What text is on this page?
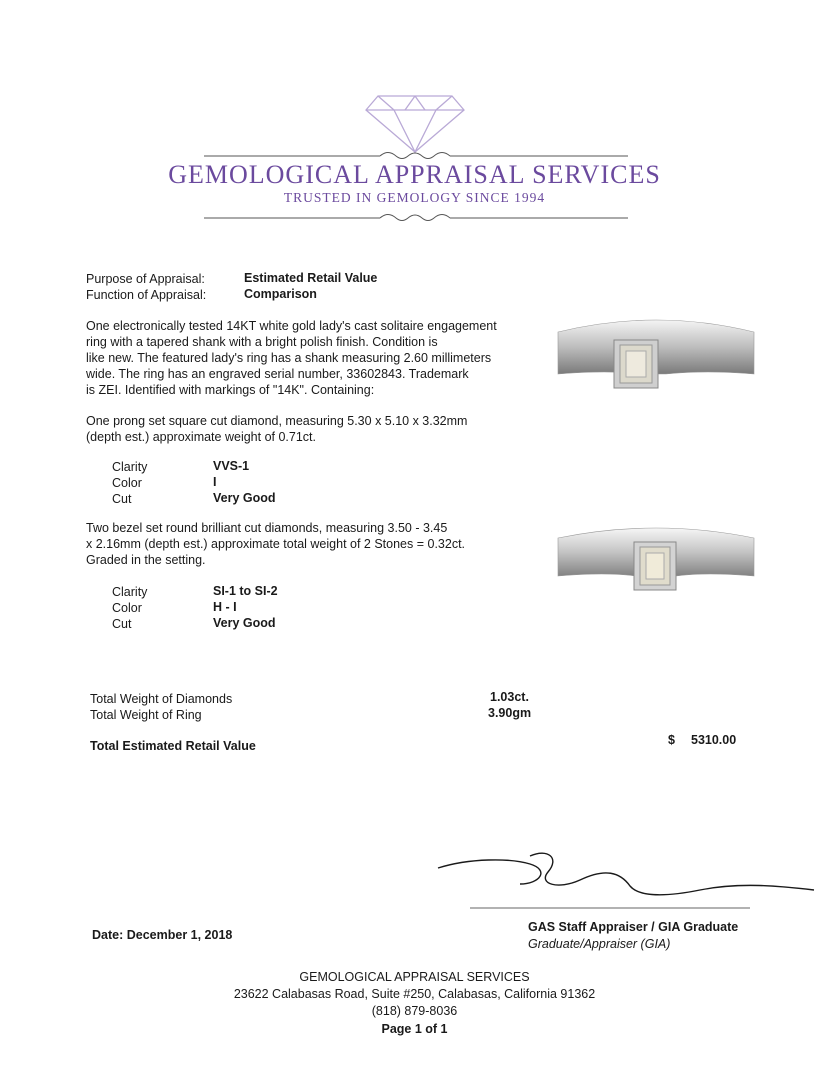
GEMOLOGICAL APPRAISAL SERVICES
TRUSTED IN GEMOLOGY SINCE 1994
Purpose of Appraisal:	Estimated Retail Value
Function of Appraisal:	Comparison
One electronically tested 14KT white gold lady's cast solitaire engagement
ring with a tapered shank with a bright polish finish. Condition is
like new. The featured lady's ring has a shank measuring 2.60 millimeters
wide. The ring has an engraved serial number, 33602843. Trademark
is ZEI. Identified with markings of "14K". Containing:
One prong set square cut diamond, measuring 5.30 x 5.10 x 3.32mm
(depth est.) approximate weight of 0.71ct.
Clarity	VVS-1
Color	I
Cut	Very Good
Two bezel set round brilliant cut diamonds, measuring 3.50 - 3.45
x 2.16mm (depth est.) approximate total weight of 2 Stones = 0.32ct.
Graded in the setting.
Clarity	SI-1 to SI-2
Color	H - I
Cut	Very Good
Total Weight of Diamonds	1.03ct.
Total Weight of Ring	3.90gm
Total Estimated Retail Value	$ 5310.00
Date: December 1, 2018
GAS Staff Appraiser / GIA Graduate
Graduate/Appraiser (GIA)
GEMOLOGICAL APPRAISAL SERVICES
23622 Calabasas Road, Suite #250, Calabasas, California 91362
(818) 879-8036
Page 1 of 1
